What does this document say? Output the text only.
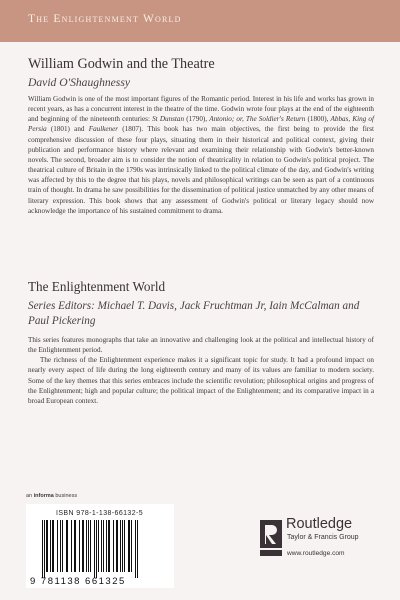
The Enlightenment World
William Godwin and the Theatre
David O'Shaughnessy

William Godwin is one of the most important figures of the Romantic period. Interest in his life and works has grown in recent years, as has a concurrent interest in the theatre of the time. Godwin wrote four plays at the end of the eighteenth and beginning of the nineteenth centuries: St Dunstan (1790), Antonio; or, The Soldier's Return (1800), Abbas, King of Persia (1801) and Faulkener (1807). This book has two main objectives, the first being to provide the first comprehensive discussion of these four plays, situating them in their historical and political context, giving their publication and performance history where relevant and examining their relationship with Godwin's better-known novels. The second, broader aim is to consider the notion of theatricality in relation to Godwin's political project. The theatrical culture of Britain in the 1790s was intrinsically linked to the political climate of the day, and Godwin's writing was affected by this to the degree that his plays, novels and philosophical writings can be seen as part of a continuous train of thought. In drama he saw possibilities for the dissemination of political justice unmatched by any other means of literary expression. This book shows that any assessment of Godwin's political or literary legacy should now acknowledge the importance of his sustained commitment to drama.

The Enlightenment World
Series Editors: Michael T. Davis, Jack Fruchtman Jr, Iain McCalman and Paul Pickering

This series features monographs that take an innovative and challenging look at the political and intellectual history of the Enlightenment period.

The richness of the Enlightenment experience makes it a significant topic for study. It had a profound impact on nearly every aspect of life during the long eighteenth century and many of its values are familiar to modern society. Some of the key themes that this series embraces include the scientific revolution; philosophical origins and progress of the Enlightenment; high and popular culture; the political impact of the Enlightenment; and its comparative impact in a broad European context.

an informa business
ISBN 978-1-138-66132-5
9 781138 661325
Routledge
Taylor & Francis Group
www.routledge.com
